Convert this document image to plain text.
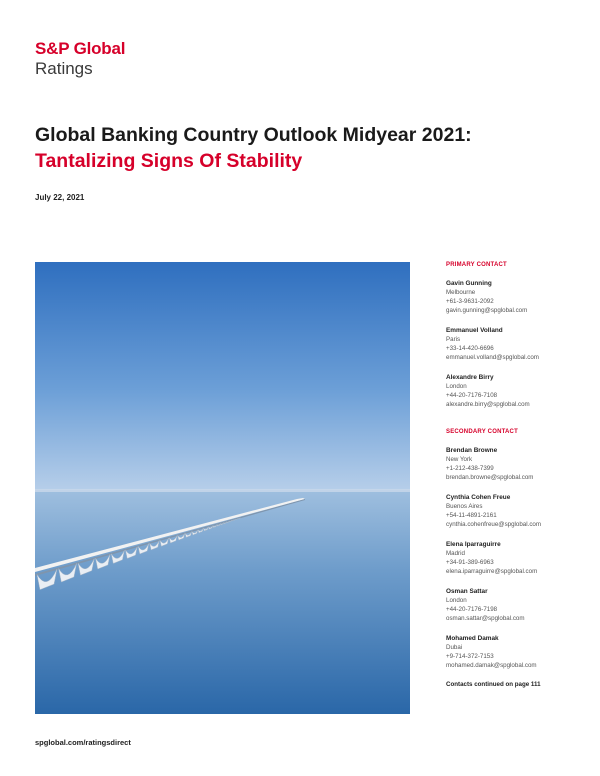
S&P Global
Ratings
Global Banking Country Outlook Midyear 2021:
Tantalizing Signs Of Stability
July 22, 2021
PRIMARY CONTACT
Gavin Gunning
Melbourne
+61-3-9631-2092
gavin.gunning@spglobal.com
Emmanuel Volland
Paris
+33-14-420-6696
emmanuel.volland@spglobal.com
Alexandre Birry
London
+44-20-7176-7108
alexandre.birry@spglobal.com
SECONDARY CONTACT
Brendan Browne
New York
+1-212-438-7399
brendan.browne@spglobal.com
Cynthia Cohen Freue
Buenos Aires
+54-11-4891-2161
cynthia.cohenfreue@spglobal.com
Elena Iparraguirre
Madrid
+34-91-389-6963
elena.iparraguirre@spglobal.com
Osman Sattar
London
+44-20-7176-7198
osman.sattar@spglobal.com
Mohamed Damak
Dubai
+9-714-372-7153
mohamed.damak@spglobal.com
Contacts continued on page 111
spglobal.com/ratingsdirect
